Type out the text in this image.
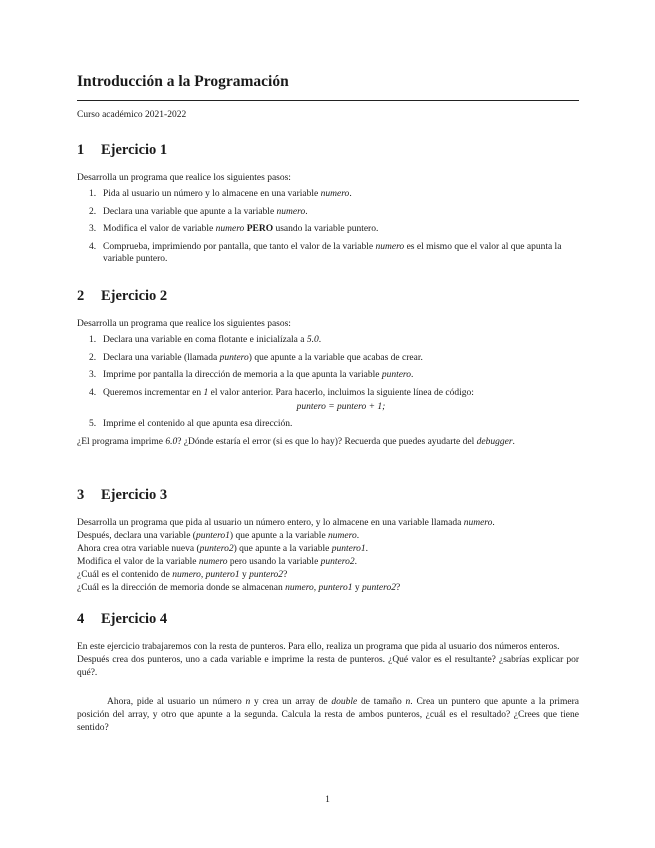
Introducción a la Programación
Curso académico 2021-2022
1 Ejercicio 1

Desarrolla un programa que realice los siguientes pasos:

1. Pida al usuario un número y lo almacene en una variable numero.
2. Declara una variable que apunte a la variable numero.
3. Modifica el valor de variable numero PERO usando la variable puntero.
4. Comprueba, imprimiendo por pantalla, que tanto el valor de la variable numero es el mismo que el valor al que apunta la variable puntero.
2 Ejercicio 2

Desarrolla un programa que realice los siguientes pasos:

1. Declara una variable en coma flotante e inicialízala a 5.0.
2. Declara una variable (llamada puntero) que apunte a la variable que acabas de crear.
3. Imprime por pantalla la dirección de memoria a la que apunta la variable puntero.
4. Queremos incrementar en 1 el valor anterior. Para hacerlo, incluimos la siguiente línea de código:
puntero = puntero + 1;
5. Imprime el contenido al que apunta esa dirección.

¿El programa imprime 6.0? ¿Dónde estaría el error (si es que lo hay)? Recuerda que puedes ayudarte del debugger.

3 Ejercicio 3

Desarrolla un programa que pida al usuario un número entero, y lo almacene en una variable llamada numero.

Después, declara una variable (puntero1) que apunte a la variable numero.

Ahora crea otra variable nueva (puntero2) que apunte a la variable puntero1.

Modifica el valor de la variable numero pero usando la variable puntero2.

¿Cuál es el contenido de numero, puntero1 y puntero2?

¿Cuál es la dirección de memoria donde se almacenan numero, puntero1 y puntero2?

4 Ejercicio 4

En este ejercicio trabajaremos con la resta de punteros. Para ello, realiza un programa que pida al usuario dos números enteros.

Después crea dos punteros, uno a cada variable e imprime la resta de punteros. ¿Qué valor es el resultante? ¿sabrías explicar por qué?.

Ahora, pide al usuario un número n y crea un array de double de tamaño n. Crea un puntero que apunte a la primera posición del array, y otro que apunte a la segunda. Calcula la resta de ambos punteros, ¿cuál es el resultado? ¿Crees que tiene sentido?

1
